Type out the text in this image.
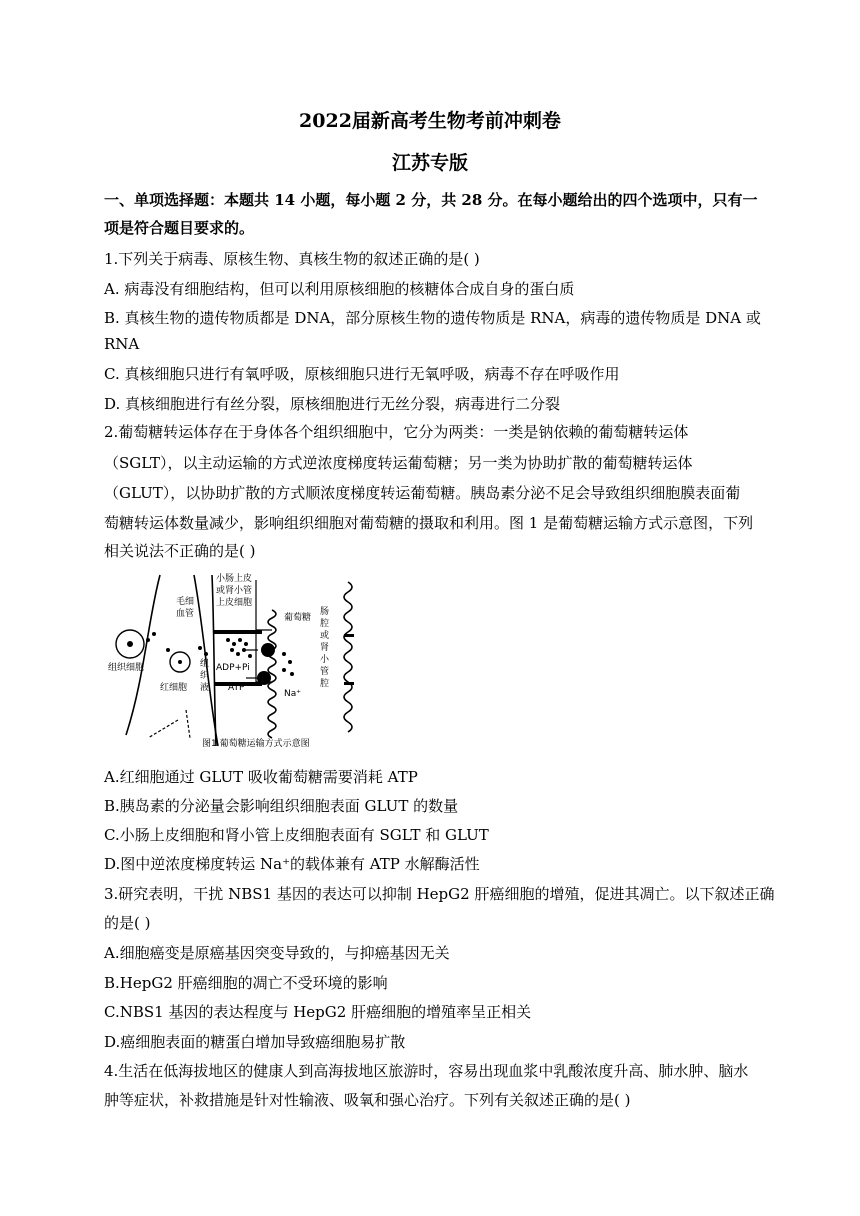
2022届新高考生物考前冲刺卷
江苏专版
一、单项选择题：本题共 14 小题，每小题 2 分，共 28 分。在每小题给出的四个选项中，只有一
项是符合题目要求的。
1.下列关于病毒、原核生物、真核生物的叙述正确的是( )
A. 病毒没有细胞结构，但可以利用原核细胞的核糖体合成自身的蛋白质
B. 真核生物的遗传物质都是 DNA，部分原核生物的遗传物质是 RNA，病毒的遗传物质是 DNA 或
RNA
C. 真核细胞只进行有氧呼吸，原核细胞只进行无氧呼吸，病毒不存在呼吸作用
D. 真核细胞进行有丝分裂，原核细胞进行无丝分裂，病毒进行二分裂
2.葡萄糖转运体存在于身体各个组织细胞中，它分为两类：一类是钠依赖的葡萄糖转运体
（SGLT），以主动运输的方式逆浓度梯度转运葡萄糖；另一类为协助扩散的葡萄糖转运体
（GLUT），以协助扩散的方式顺浓度梯度转运葡萄糖。胰岛素分泌不足会导致组织细胞膜表面葡
萄糖转运体数量减少，影响组织细胞对葡萄糖的摄取和利用。图 1 是葡萄糖运输方式示意图，下列
相关说法不正确的是( )
小肠上皮
或肾小管
上皮细胞
毛细
血管	葡萄糖
肠
腔
或
肾
小
管
腔
组织细胞	组
织
液
红细胞
ADP+Pi
ATP
Na⁺
图1 葡萄糖运输方式示意图
A.红细胞通过 GLUT 吸收葡萄糖需要消耗 ATP
B.胰岛素的分泌量会影响组织细胞表面 GLUT 的数量
C.小肠上皮细胞和肾小管上皮细胞表面有 SGLT 和 GLUT
D.图中逆浓度梯度转运 Na⁺的载体兼有 ATP 水解酶活性
3.研究表明，干扰 NBS1 基因的表达可以抑制 HepG2 肝癌细胞的增殖，促进其凋亡。以下叙述正确
的是( )
A.细胞癌变是原癌基因突变导致的，与抑癌基因无关
B.HepG2 肝癌细胞的凋亡不受环境的影响
C.NBS1 基因的表达程度与 HepG2 肝癌细胞的增殖率呈正相关
D.癌细胞表面的糖蛋白增加导致癌细胞易扩散
4.生活在低海拔地区的健康人到高海拔地区旅游时，容易出现血浆中乳酸浓度升高、肺水肿、脑水
肿等症状，补救措施是针对性输液、吸氧和强心治疗。下列有关叙述正确的是( )
